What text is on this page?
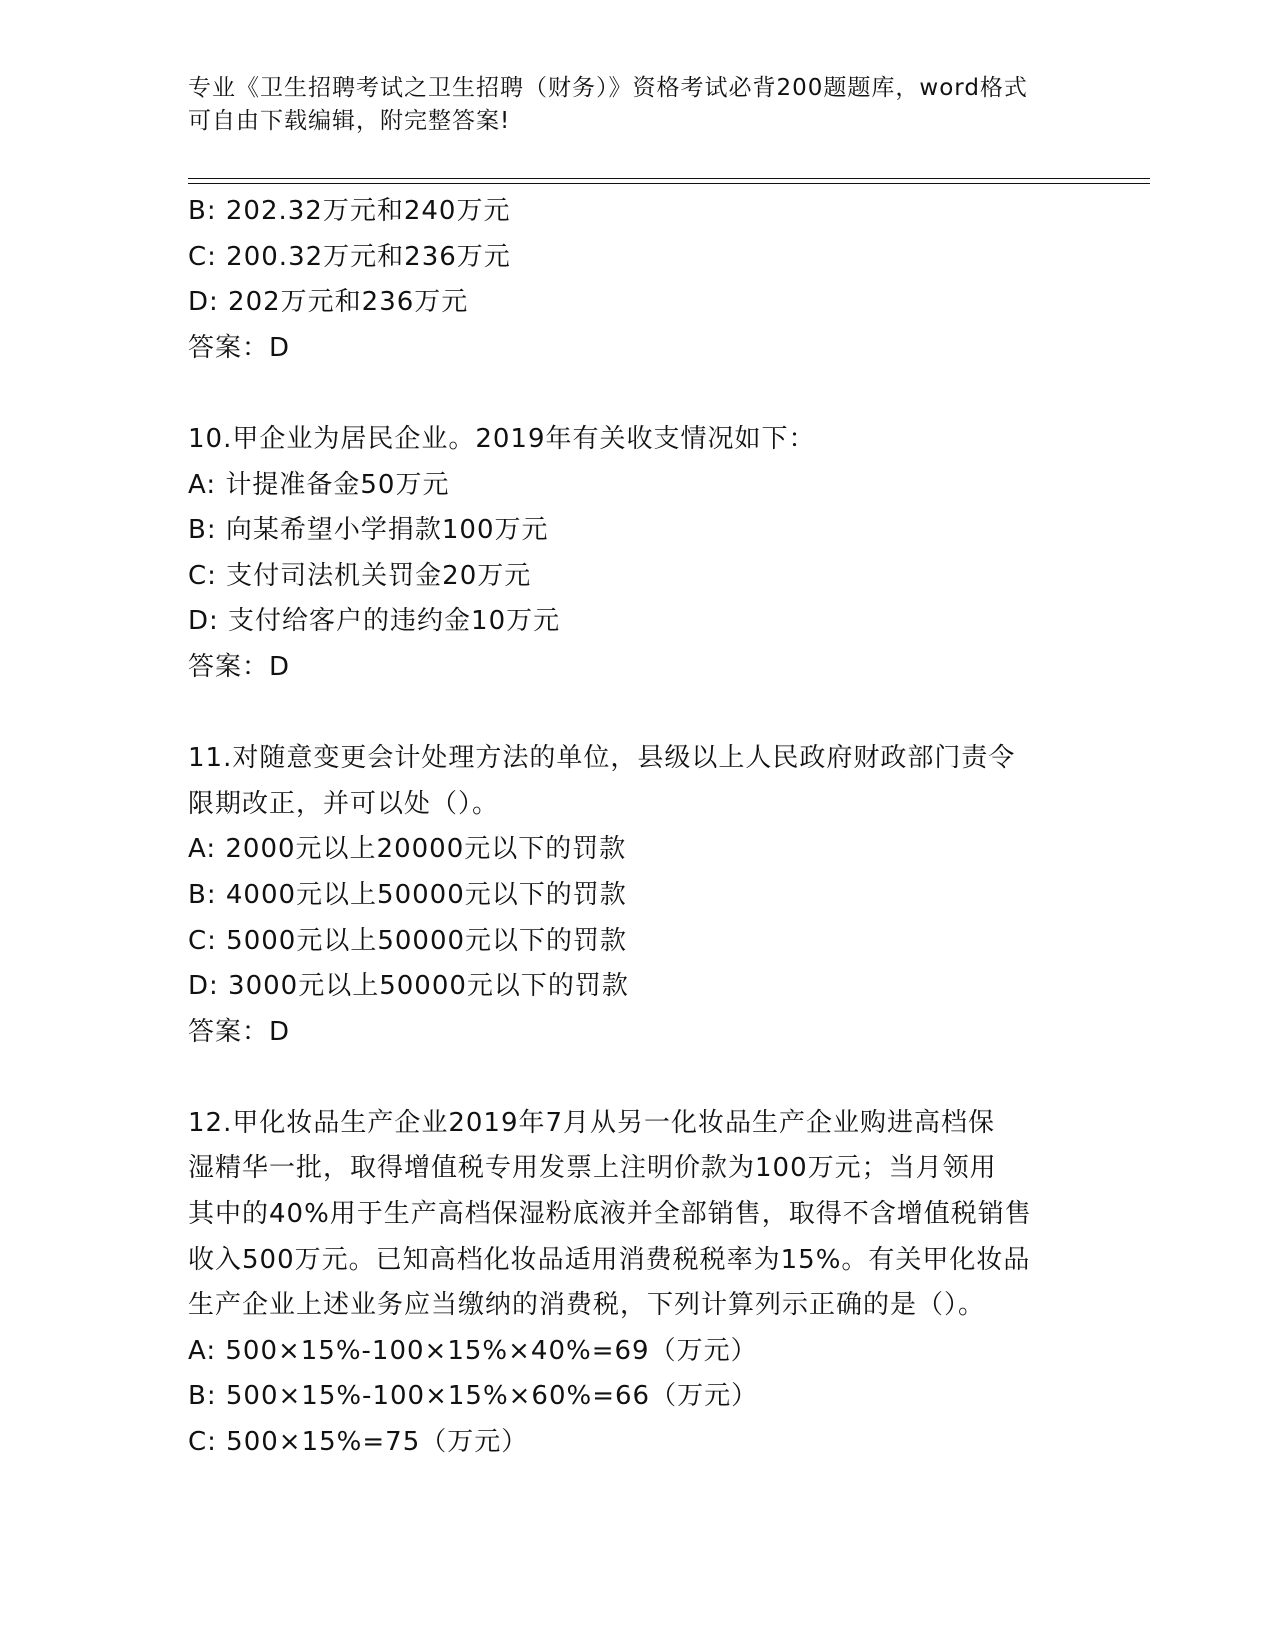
专业《卫生招聘考试之卫生招聘（财务）》资格考试必背200题题库，word格式
可自由下载编辑，附完整答案!
B: 202.32万元和240万元
C: 200.32万元和236万元
D: 202万元和236万元
答案：D
10.甲企业为居民企业。2019年有关收支情况如下：
A: 计提准备金50万元
B: 向某希望小学捐款100万元
C: 支付司法机关罚金20万元
D: 支付给客户的违约金10万元
答案：D
11.对随意变更会计处理方法的单位，县级以上人民政府财政部门责令
限期改正，并可以处（）。
A: 2000元以上20000元以下的罚款
B: 4000元以上50000元以下的罚款
C: 5000元以上50000元以下的罚款
D: 3000元以上50000元以下的罚款
答案：D
12.甲化妆品生产企业2019年7月从另一化妆品生产企业购进高档保
湿精华一批，取得增值税专用发票上注明价款为100万元；当月领用
其中的40%用于生产高档保湿粉底液并全部销售，取得不含增值税销售
收入500万元。已知高档化妆品适用消费税税率为15%。有关甲化妆品
生产企业上述业务应当缴纳的消费税，下列计算列示正确的是（）。
A: 500×15%-100×15%×40%=69（万元）
B: 500×15%-100×15%×60%=66（万元）
C: 500×15%=75（万元）
